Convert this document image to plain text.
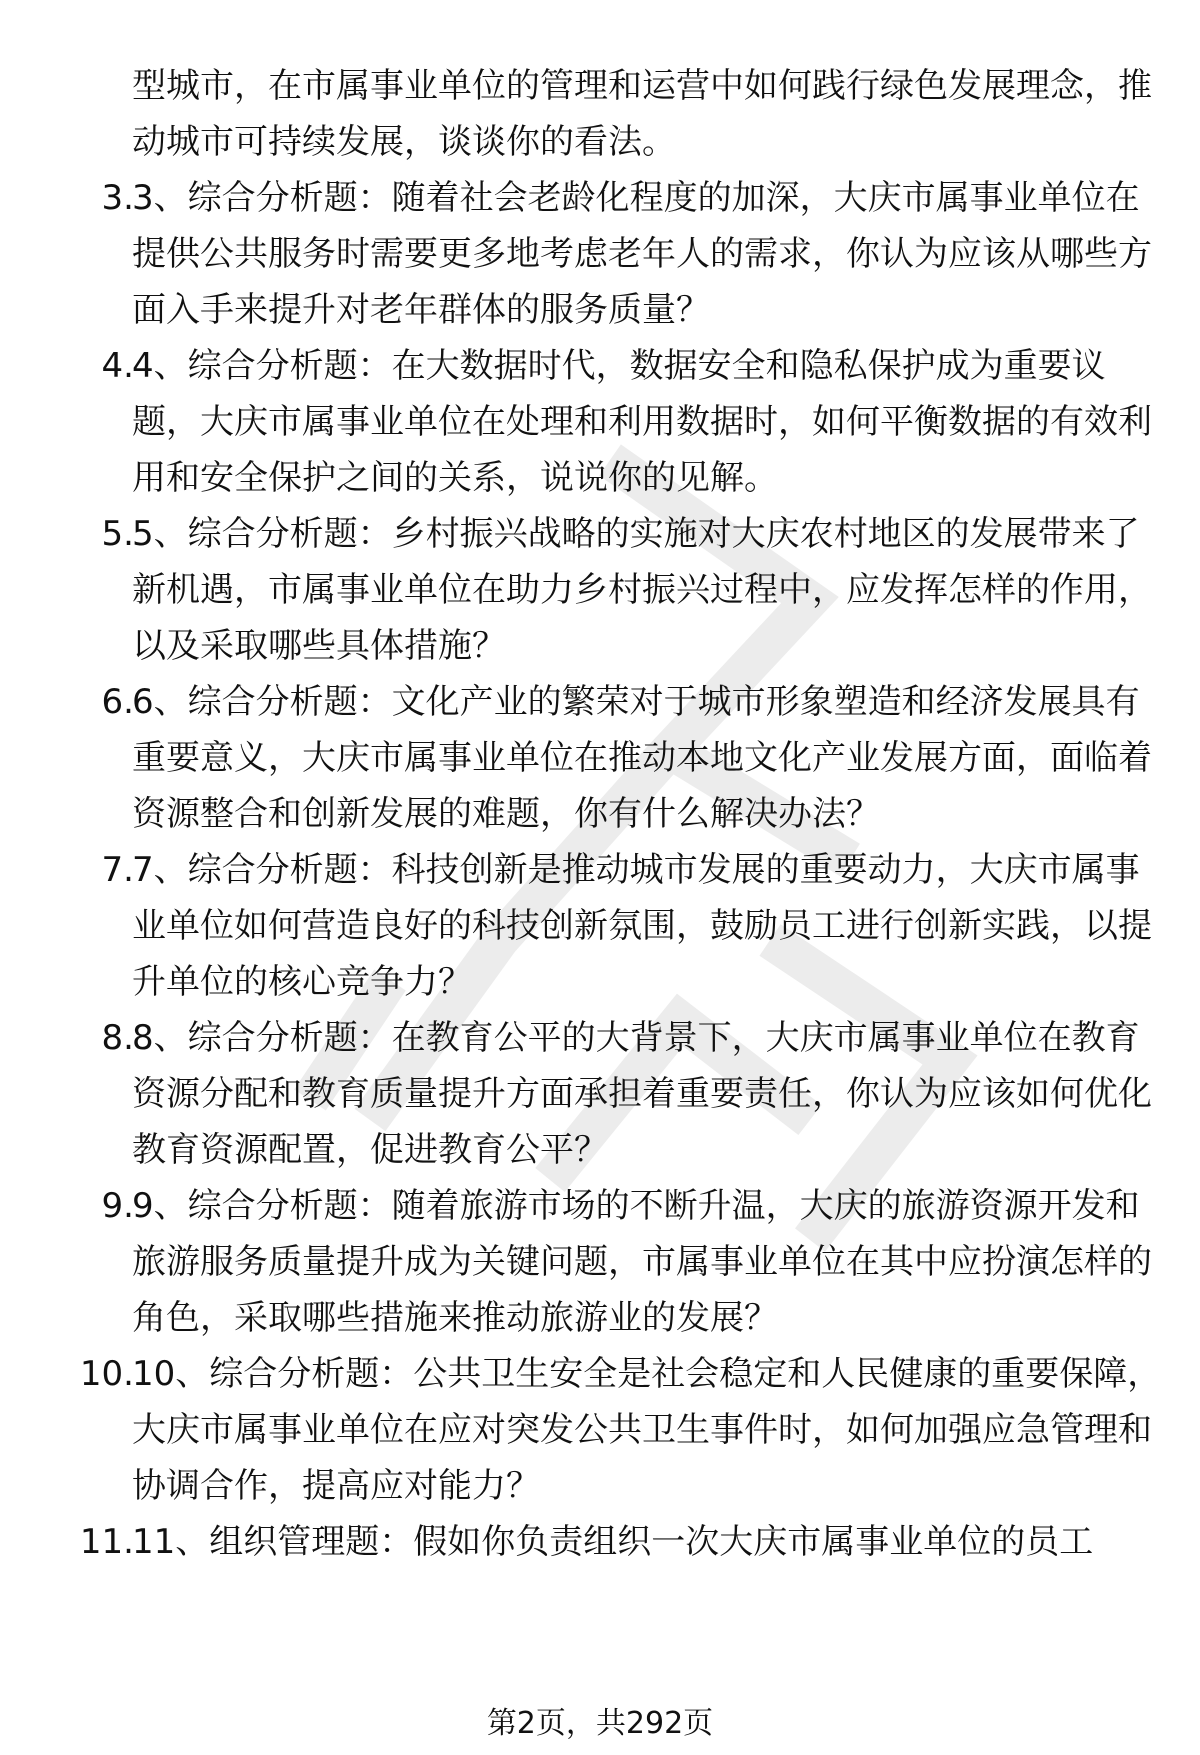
型城市，在市属事业单位的管理和运营中如何践行绿色发展理念，推动城市可持续发展，谈谈你的看法。
3.
3、综合分析题：随着社会老龄化程度的加深，大庆市属事业单位在提供公共服务时需要更多地考虑老年人的需求，你认为应该从哪些方面入手来提升对老年群体的服务质量？
4.
4、综合分析题：在大数据时代，数据安全和隐私保护成为重要议题，大庆市属事业单位在处理和利用数据时，如何平衡数据的有效利用和安全保护之间的关系，说说你的见解。
5.
5、综合分析题：乡村振兴战略的实施对大庆农村地区的发展带来了新机遇，市属事业单位在助力乡村振兴过程中，应发挥怎样的作用，以及采取哪些具体措施？
6.
6、综合分析题：文化产业的繁荣对于城市形象塑造和经济发展具有重要意义，大庆市属事业单位在推动本地文化产业发展方面，面临着资源整合和创新发展的难题，你有什么解决办法？
7.
7、综合分析题：科技创新是推动城市发展的重要动力，大庆市属事业单位如何营造良好的科技创新氛围，鼓励员工进行创新实践，以提升单位的核心竞争力？
8.
8、综合分析题：在教育公平的大背景下，大庆市属事业单位在教育资源分配和教育质量提升方面承担着重要责任，你认为应该如何优化教育资源配置，促进教育公平？
9.
9、综合分析题：随着旅游市场的不断升温，大庆的旅游资源开发和旅游服务质量提升成为关键问题，市属事业单位在其中应扮演怎样的角色，采取哪些措施来推动旅游业的发展？
10.
10、综合分析题：公共卫生安全是社会稳定和人民健康的重要保障，大庆市属事业单位在应对突发公共卫生事件时，如何加强应急管理和协调合作，提高应对能力？
11.
11、组织管理题：假如你负责组织一次大庆市属事业单位的员工
第2页，共292页
